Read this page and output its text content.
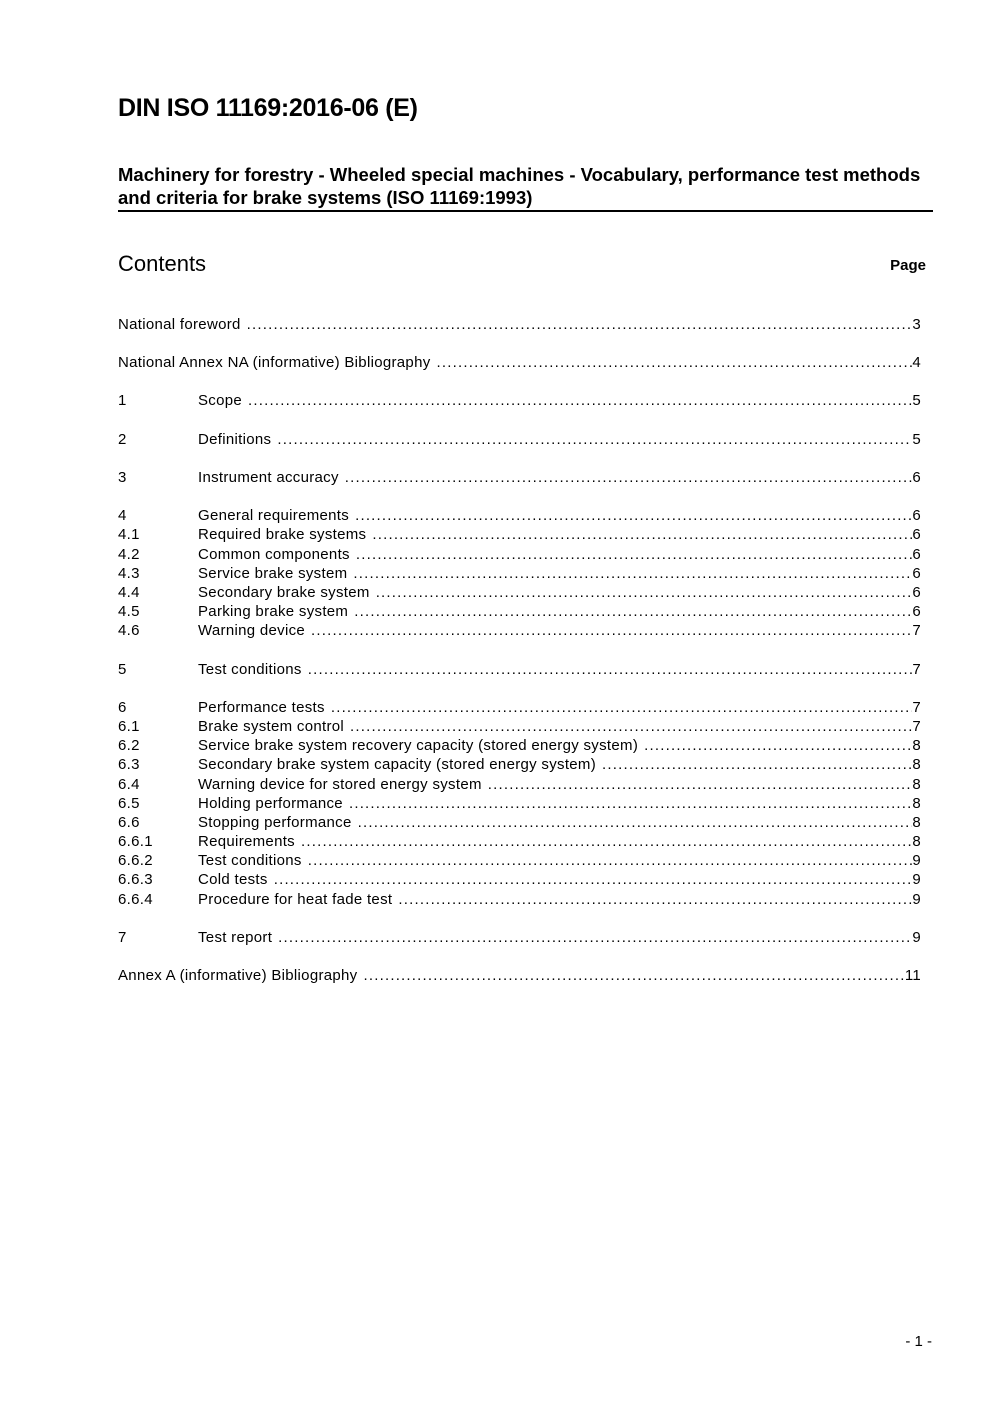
DIN ISO 11169:2016-06 (E)
Machinery for forestry - Wheeled special machines - Vocabulary, performance test methods and criteria for brake systems (ISO 11169:1993)
Contents	Page
National foreword .....	3
National Annex NA (informative) Bibliography .....	4
1	Scope .....	5
2	Definitions .....	5
3	Instrument accuracy .....	6
4	General requirements .....	6
4.1	Required brake systems .....	6
4.2	Common components .....	6
4.3	Service brake system .....	6
4.4	Secondary brake system .....	6
4.5	Parking brake system .....	6
4.6	Warning device .....	7
5	Test conditions .....	7
6	Performance tests .....	7
6.1	Brake system control .....	7
6.2	Service brake system recovery capacity (stored energy system) .....	8
6.3	Secondary brake system capacity (stored energy system) .....	8
6.4	Warning device for stored energy system .....	8
6.5	Holding performance .....	8
6.6	Stopping performance .....	8
6.6.1	Requirements .....	8
6.6.2	Test conditions .....	9
6.6.3	Cold tests .....	9
6.6.4	Procedure for heat fade test .....	9
7	Test report .....	9
Annex A (informative) Bibliography .....	11
- 1 -
